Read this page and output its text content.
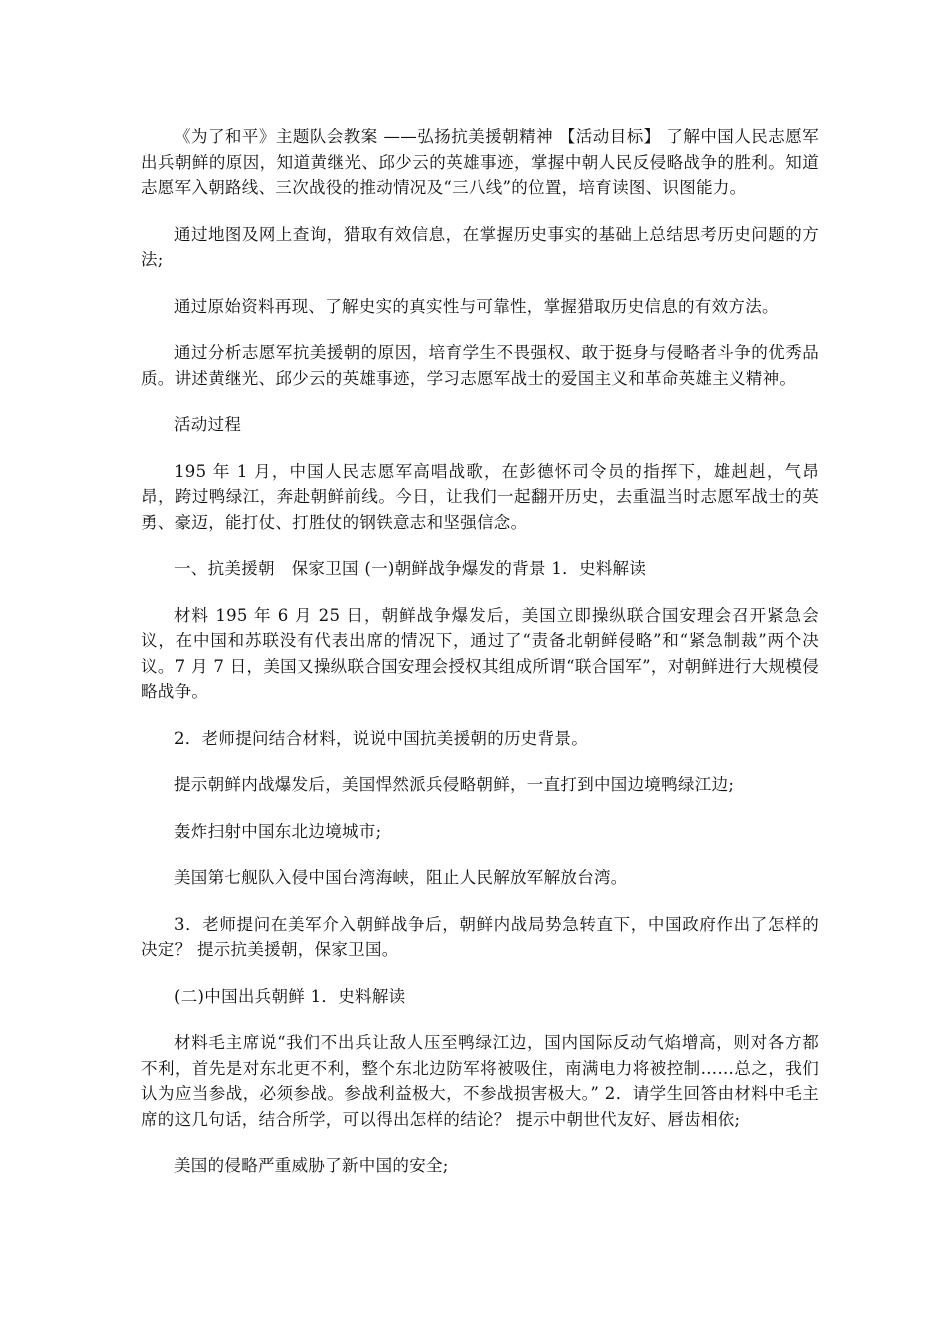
《为了和平》主题队会教案 ——弘扬抗美援朝精神 【活动目标】 了解中国人民志愿军出兵朝鲜的原因，知道黄继光、邱少云的英雄事迹，掌握中朝人民反侵略战争的胜利。知道志愿军入朝路线、三次战役的推动情况及“三八线”的位置，培育读图、识图能力。

通过地图及网上查询，猎取有效信息，在掌握历史事实的基础上总结思考历史问题的方法;

通过原始资料再现、了解史实的真实性与可靠性，掌握猎取历史信息的有效方法。

通过分析志愿军抗美援朝的原因，培育学生不畏强权、敢于挺身与侵略者斗争的优秀品质。讲述黄继光、邱少云的英雄事迹，学习志愿军战士的爱国主义和革命英雄主义精神。

活动过程

195 年 1 月，中国人民志愿军高唱战歌，在彭德怀司令员的指挥下，雄赳赳，气昂昂，跨过鸭绿江，奔赴朝鲜前线。今日，让我们一起翻开历史，去重温当时志愿军战士的英勇、豪迈，能打仗、打胜仗的钢铁意志和坚强信念。

一、抗美援朝　保家卫国 (一)朝鲜战争爆发的背景 1．史料解读

材料 195 年 6 月 25 日，朝鲜战争爆发后，美国立即操纵联合国安理会召开紧急会议，在中国和苏联没有代表出席的情况下，通过了“责备北朝鲜侵略”和“紧急制裁”两个决议。7 月 7 日，美国又操纵联合国安理会授权其组成所谓“联合国军”，对朝鲜进行大规模侵略战争。

2．老师提问结合材料，说说中国抗美援朝的历史背景。

提示朝鲜内战爆发后，美国悍然派兵侵略朝鲜，一直打到中国边境鸭绿江边;

轰炸扫射中国东北边境城市;

美国第七舰队入侵中国台湾海峡，阻止人民解放军解放台湾。

3．老师提问在美军介入朝鲜战争后，朝鲜内战局势急转直下，中国政府作出了怎样的决定？ 提示抗美援朝，保家卫国。

(二)中国出兵朝鲜 1．史料解读

材料毛主席说“我们不出兵让敌人压至鸭绿江边，国内国际反动气焰增高，则对各方都不利，首先是对东北更不利，整个东北边防军将被吸住，南满电力将被控制……总之，我们认为应当参战，必须参战。参战利益极大，不参战损害极大。” 2．请学生回答由材料中毛主席的这几句话，结合所学，可以得出怎样的结论？ 提示中朝世代友好、唇齿相依;

美国的侵略严重威胁了新中国的安全;
